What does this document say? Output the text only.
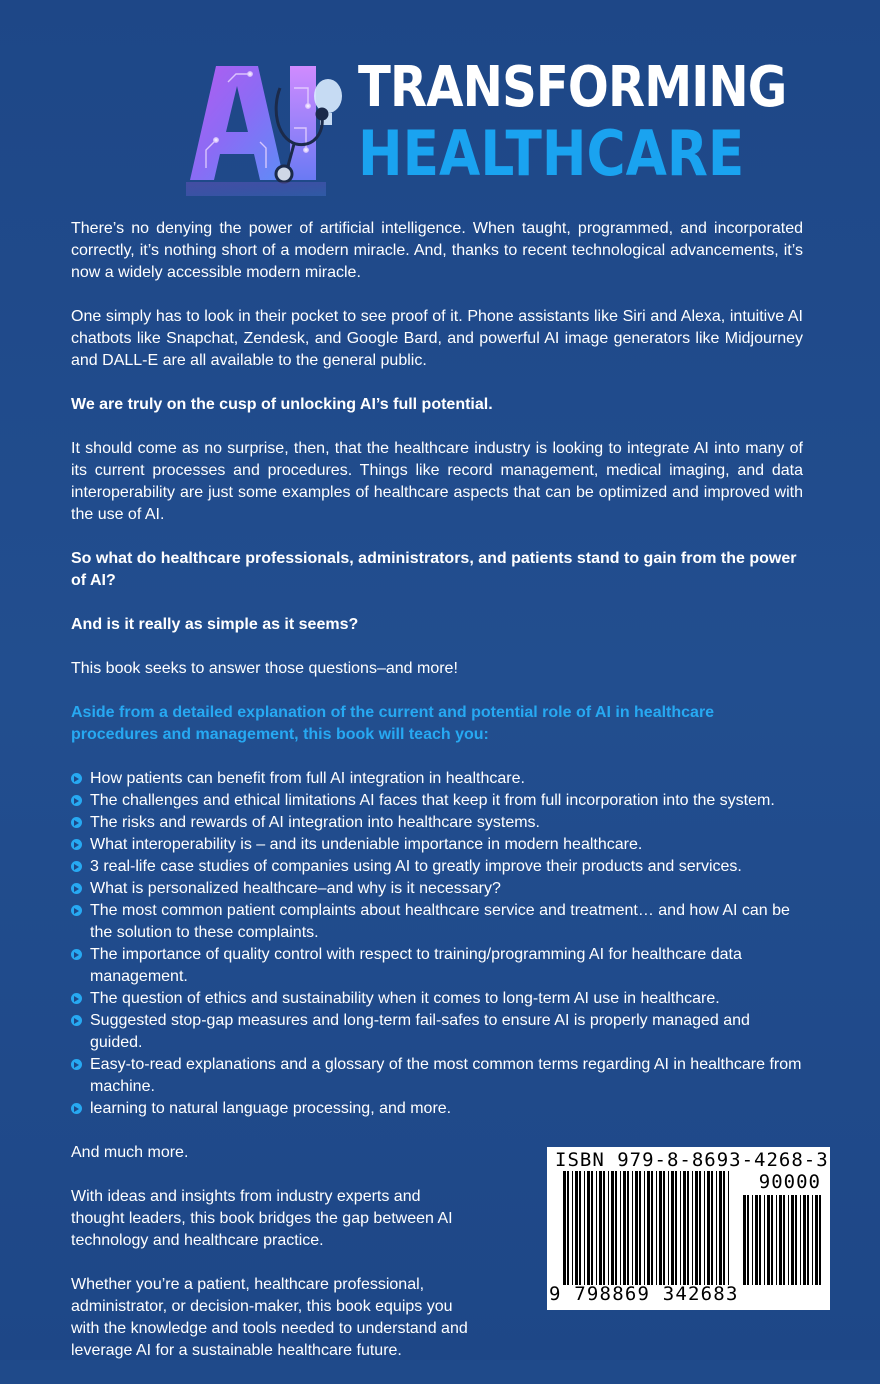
TRANSFORMING
HEALTHCARE

There’s no denying the power of artificial intelligence. When taught, programmed, and incorporated correctly, it’s nothing short of a modern miracle. And, thanks to recent technological advancements, it’s now a widely accessible modern miracle.

One simply has to look in their pocket to see proof of it. Phone assistants like Siri and Alexa, intuitive AI chatbots like Snapchat, Zendesk, and Google Bard, and powerful AI image generators like Midjourney and DALL-E are all available to the general public.

We are truly on the cusp of unlocking AI’s full potential.

It should come as no surprise, then, that the healthcare industry is looking to integrate AI into many of its current processes and procedures. Things like record management, medical imaging, and data interoperability are just some examples of healthcare aspects that can be optimized and improved with the use of AI.

So what do healthcare professionals, administrators, and patients stand to gain from the power of AI?

And is it really as simple as it seems?

This book seeks to answer those questions–and more!

Aside from a detailed explanation of the current and potential role of AI in healthcare procedures and management, this book will teach you:

How patients can benefit from full AI integration in healthcare.
The challenges and ethical limitations AI faces that keep it from full incorporation into the system.
The risks and rewards of AI integration into healthcare systems.
What interoperability is – and its undeniable importance in modern healthcare.
3 real-life case studies of companies using AI to greatly improve their products and services.
What is personalized healthcare–and why is it necessary?
The most common patient complaints about healthcare service and treatment… and how AI can be the solution to these complaints.
The importance of quality control with respect to training/programming AI for healthcare data management.
The question of ethics and sustainability when it comes to long-term AI use in healthcare.
Suggested stop-gap measures and long-term fail-safes to ensure AI is properly managed and guided.
Easy-to-read explanations and a glossary of the most common terms regarding AI in healthcare from machine.
learning to natural language processing, and more.

And much more.

With ideas and insights from industry experts and thought leaders, this book bridges the gap between AI technology and healthcare practice.

Whether you’re a patient, healthcare professional, administrator, or decision-maker, this book equips you with the knowledge and tools needed to understand and leverage AI for a sustainable healthcare future.

ISBN 979-8-8693-4268-3
90000
9 798869 342683
